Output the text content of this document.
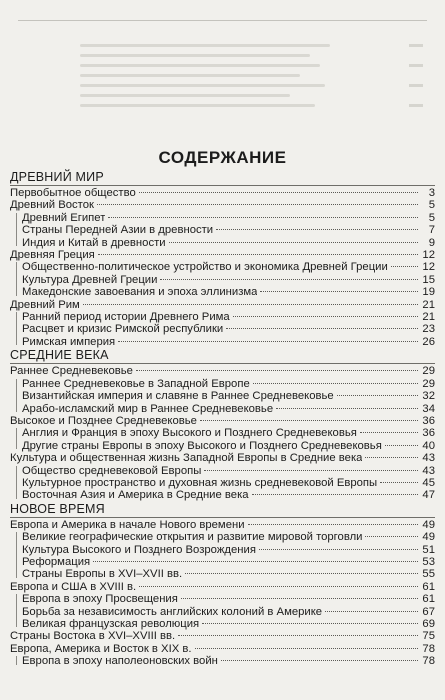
СОДЕРЖАНИЕ
ДРЕВНИЙ МИР
Первобытное общество	3
Древний Восток	5
Древний Египет	5
Страны Передней Азии в древности	7
Индия и Китай в древности	9
Древняя Греция	12
Общественно-политическое устройство и экономика Древней Греции	12
Культура Древней Греции	15
Македонские завоевания и эпоха эллинизма	19
Древний Рим	21
Ранний период истории Древнего Рима	21
Расцвет и кризис Римской республики	23
Римская империя	26
СРЕДНИЕ ВЕКА
Раннее Средневековье	29
Раннее Средневековье в Западной Европе	29
Византийская империя и славяне в Раннее Средневековье	32
Арабо-исламский мир в Раннее Средневековье	34
Высокое и Позднее Средневековье	36
Англия и Франция в эпоху Высокого и Позднего Средневековья	36
Другие страны Европы в эпоху Высокого и Позднего Средневековья	40
Культура и общественная жизнь Западной Европы в Средние века	43
Общество средневековой Европы	43
Культурное пространство и духовная жизнь средневековой Европы	45
Восточная Азия и Америка в Средние века	47
НОВОЕ ВРЕМЯ
Европа и Америка в начале Нового времени	49
Великие географические открытия и развитие мировой торговли	49
Культура Высокого и Позднего Возрождения	51
Реформация	53
Страны Европы в XVI–XVII вв.	55
Европа и США в XVIII в.	61
Европа в эпоху Просвещения	61
Борьба за независимость английских колоний в Америке	67
Великая французская революция	69
Страны Востока в XVI–XVIII вв.	75
Европа, Америка и Восток в XIX в.	78
Европа в эпоху наполеоновских войн	78
